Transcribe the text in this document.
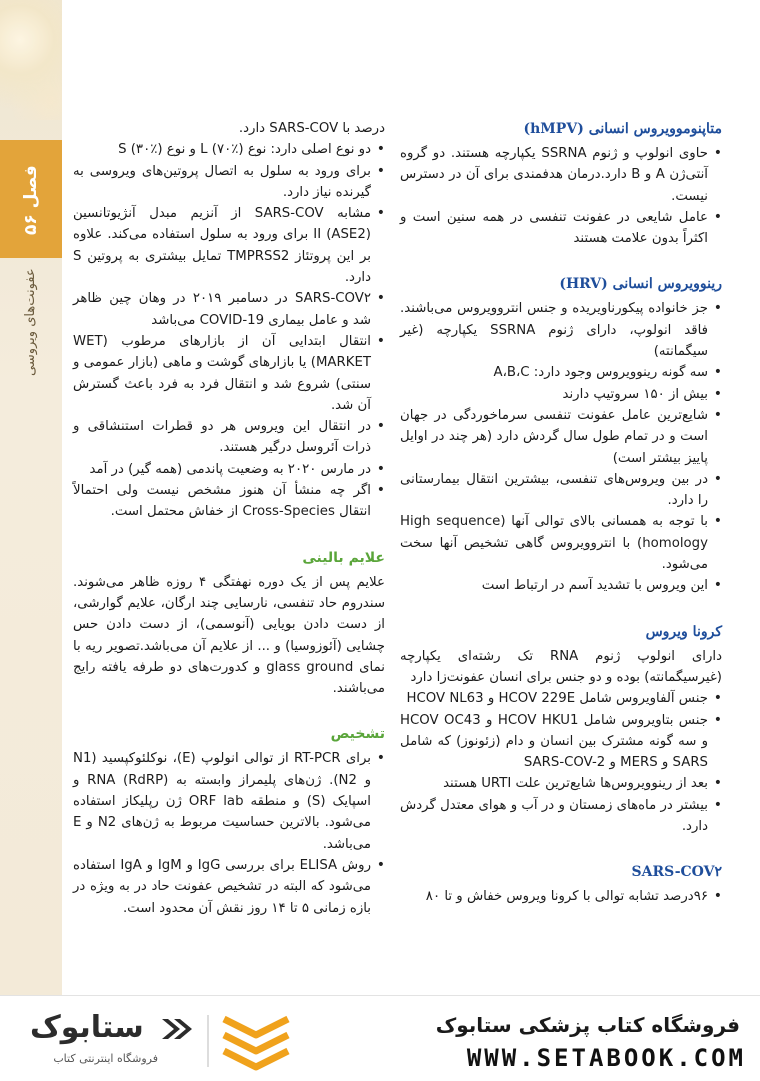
فصل ۵۶
عفونت‌های ویروسی
متاپنوموویروس انسانی (hMPV)
• حاوی انولوپ و ژنوم SSRNA یکپارچه هستند. دو گروه آنتی‌ژن A و B دارد.درمان هدفمندی برای آن در دسترس نیست.
• عامل شایعی در عفونت تنفسی در همه سنین است و اکثراً بدون علامت هستند
رینوویروس انسانی (HRV)
• جز خانواده پیکورناویریده و جنس انتروویروس می‌باشند. فاقد انولوپ، دارای ژنوم SSRNA یکپارچه (غیر سیگمانته)
• سه گونه رینوویروس وجود دارد: A،B،C
• بیش از ۱۵۰ سروتیپ دارند
• شایع‌ترین عامل عفونت تنفسی سرماخوردگی در جهان است و در تمام طول سال گردش دارد (هر چند در اوایل پاییز بیشتر است)
• در بین ویروس‌های تنفسی، بیشترین انتقال بیمارستانی را دارد.
• با توجه به همسانی بالای توالی آنها (High sequence homology) با انتروویروس گاهی تشخیص آنها سخت می‌شود.
• این ویروس با تشدید آسم در ارتباط است
کرونا ویروس

دارای انولوپ ژنوم RNA تک رشته‌ای یکپارچه (غیرسیگمانته) بوده و دو جنس برای انسان عفونت‌زا دارد

• جنس آلفاویروس شامل HCOV 229E و HCOV NL63
• جنس بتاویروس شامل HCOV HKU1 و HCOV OC43 و سه گونه مشترک بین انسان و دام (زئونوز) که شامل SARS و MERS و SARS-COV-2
• بعد از رینوویروس‌ها شایع‌ترین علت URTI هستند
• بیشتر در ماه‌های زمستان و در آب و هوای معتدل گردش دارد.
SARS-COV۲
• ۹۶درصد تشابه توالی با کرونا ویروس خفاش و تا ۸۰

درصد با SARS-COV دارد.

• دو نوع اصلی دارد: نوع L (۷۰٪) و نوع S (۳۰٪)
• برای ورود به سلول به اتصال پروتین‌های ویروسی به گیرنده نیاز دارد.
• مشابه SARS-COV از آنزیم مبدل آنژیوتانسین (ASE2) II برای ورود به سلول استفاده می‌کند. علاوه بر این پروتئاز TMPRSS2 تمایل بیشتری به پروتین S دارد.
• SARS-COV۲ در دسامبر ۲۰۱۹ در وهان چین ظاهر شد و عامل بیماری COVID-19 می‌باشد
• انتقال ابتدایی آن از بازارهای مرطوب (WET MARKET) یا بازارهای گوشت و ماهی (بازار عمومی و سنتی) شروع شد و انتقال فرد به فرد باعث گسترش آن شد.
• در انتقال این ویروس هر دو قطرات استنشاقی و ذرات آئروسل درگیر هستند.
• در مارس ۲۰۲۰ به وضعیت پاندمی (همه گیر) در آمد
• اگر چه منشأ آن هنوز مشخص نیست ولی احتمالاً انتقال Cross-Species از خفاش محتمل است.
علایم بالینی

علایم پس از یک دوره نهفتگی ۴ روزه ظاهر می‌شوند. سندروم حاد تنفسی، نارسایی چند ارگان، علایم گوارشی، از دست دادن بویایی (آنوسمی)، از دست دادن حس چشایی (آئوزوسیا) و ... از علایم آن می‌باشد.تصویر ریه با نمای glass ground و کدورت‌های دو طرفه یافته رایج می‌باشند.

تشخیص
• برای RT-PCR از توالی انولوپ (E)، نوکلئوکپسید (N1 و N2). ژن‌های پلیمراز وابسته به RNA (RdRP) و اسپایک (S) و منطقه ORF lab ژن رپلیکاز استفاده می‌شود. بالاترین حساسیت مربوط به ژن‌های N2 و E می‌باشد.
• روش ELISA برای بررسی IgG و IgM و IgA استفاده می‌شود که البته در تشخیص عفونت حاد در به ویژه در بازه زمانی ۵ تا ۱۴ روز نقش آن محدود است.
فروشگاه کتاب پزشکی ستابوک
WWW.SETABOOK.COM
ستابوک
فروشگاه اینترنتی کتاب
